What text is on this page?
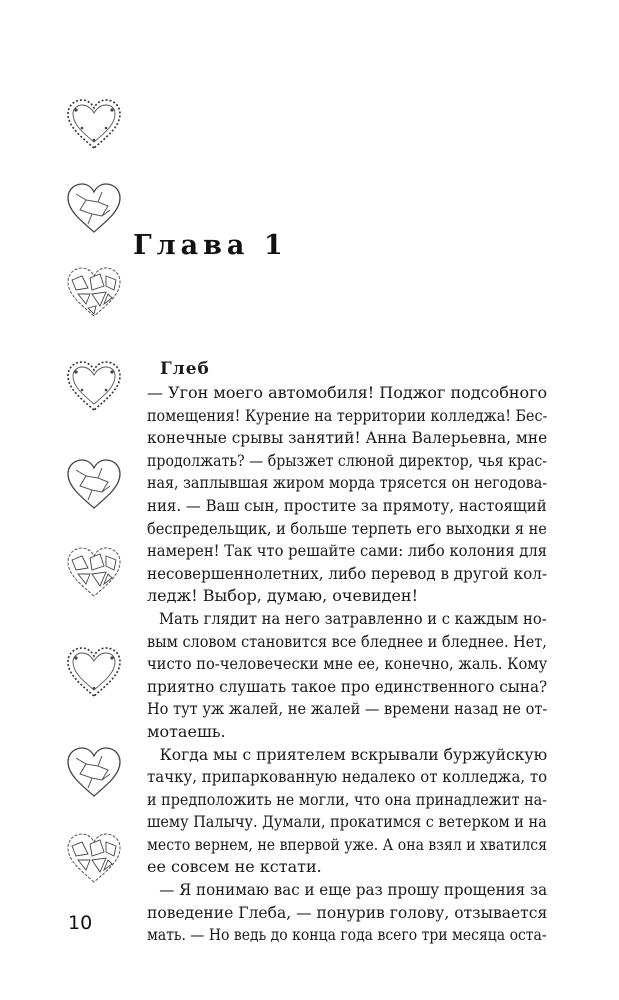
Глава 1
Глеб
— Угон моего автомобиля! Поджог подсобного
помещения! Курение на территории колледжа! Бес-
конечные срывы занятий! Анна Валерьевна, мне
продолжать? — брызжет слюной директор, чья крас-
ная, заплывшая жиром морда трясется он негодова-
ния. — Ваш сын, простите за прямоту, настоящий
беспредельщик, и больше терпеть его выходки я не
намерен! Так что решайте сами: либо колония для
несовершеннолетних, либо перевод в другой кол-
ледж! Выбор, думаю, очевиден!
Мать глядит на него затравленно и с каждым но-
вым словом становится все бледнее и бледнее. Нет,
чисто по-человечески мне ее, конечно, жаль. Кому
приятно слушать такое про единственного сына?
Но тут уж жалей, не жалей — времени назад не от-
мотаешь.
Когда мы с приятелем вскрывали буржуйскую
тачку, припаркованную недалеко от колледжа, то
и предположить не могли, что она принадлежит на-
шему Палычу. Думали, прокатимся с ветерком и на
место вернем, не впервой уже. А она взял и хватился
ее совсем не кстати.
— Я понимаю вас и еще раз прошу прощения за
поведение Глеба, — понурив голову, отзывается
мать. — Но ведь до конца года всего три месяца оста-
10
